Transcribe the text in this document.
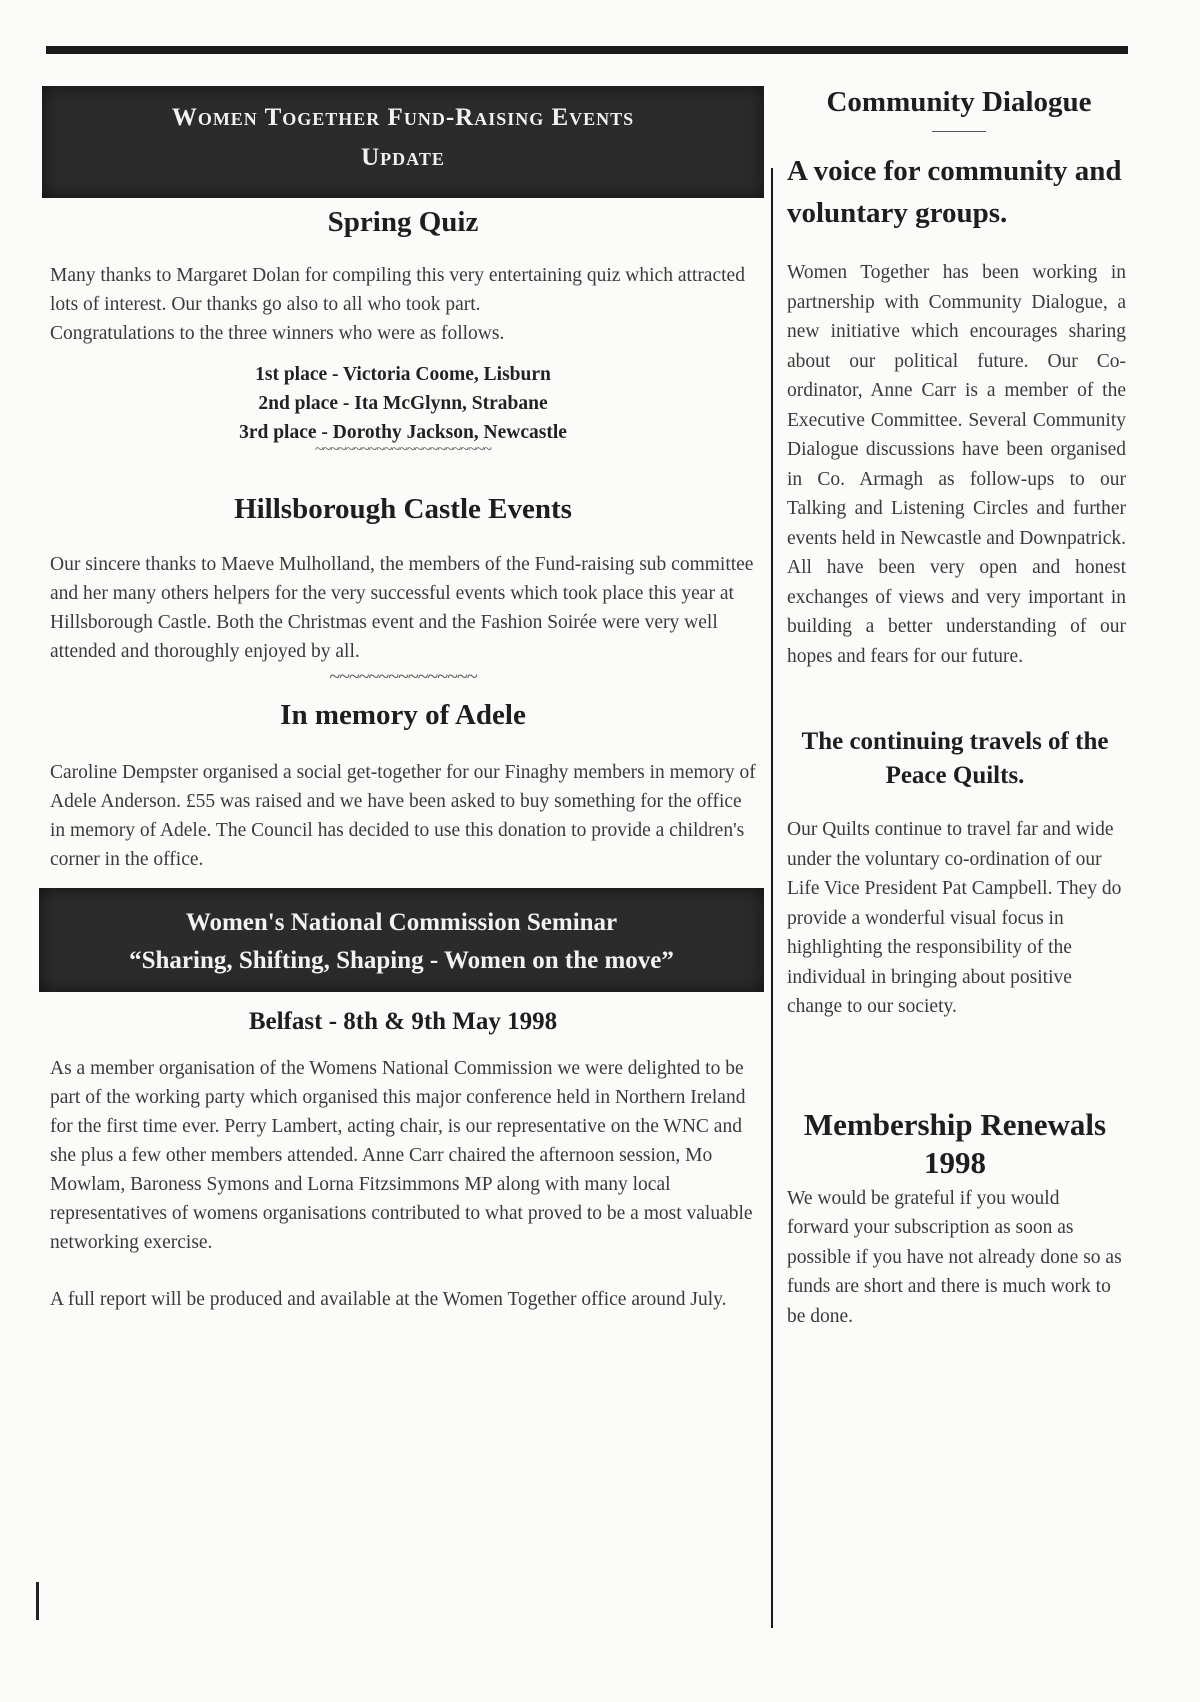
Women Together Fund-Raising Events
Update
Spring Quiz

Many thanks to Margaret Dolan for compiling this very entertaining quiz which attracted lots of interest. Our thanks go also to all who took part.

Congratulations to the three winners who were as follows.

1st place - Victoria Coome, Lisburn
2nd place - Ita McGlynn, Strabane
3rd place - Dorothy Jackson, Newcastle
~~~~~~~~~~~~~~~~~~~~~~~
Hillsborough Castle Events

Our sincere thanks to Maeve Mulholland, the members of the Fund-raising sub committee and her many others helpers for the very successful events which took place this year at Hillsborough Castle. Both the Christmas event and the Fashion Soirée were very well attended and thoroughly enjoyed by all.

~~~~~~~~~~~~~~~
In memory of Adele

Caroline Dempster organised a social get-together for our Finaghy members in memory of Adele Anderson. £55 was raised and we have been asked to buy something for the office in memory of Adele. The Council has decided to use this donation to provide a children's corner in the office.

Women's National Commission Seminar
“Sharing, Shifting, Shaping - Women on the move”
Belfast - 8th & 9th May 1998

As a member organisation of the Womens National Commission we were delighted to be part of the working party which organised this major conference held in Northern Ireland for the first time ever. Perry Lambert, acting chair, is our representative on the WNC and she plus a few other members attended. Anne Carr chaired the afternoon session, Mo Mowlam, Baroness Symons and Lorna Fitzsimmons MP along with many local representatives of womens organisations contributed to what proved to be a most valuable networking exercise.

A full report will be produced and available at the Women Together office around July.

Community Dialogue
A voice for community and voluntary groups.

Women Together has been working in partnership with Community Dialogue, a new initiative which encourages sharing about our political future. Our Co-ordinator, Anne Carr is a member of the Executive Committee. Several Community Dialogue discussions have been organised in Co. Armagh as follow-ups to our Talking and Listening Circles and further events held in Newcastle and Downpatrick. All have been very open and honest exchanges of views and very important in building a better understanding of our hopes and fears for our future.

The continuing travels of the Peace Quilts.

Our Quilts continue to travel far and wide under the voluntary co-ordination of our Life Vice President Pat Campbell. They do provide a wonderful visual focus in highlighting the responsibility of the individual in bringing about positive change to our society.

Membership Renewals
1998

We would be grateful if you would forward your subscription as soon as possible if you have not already done so as funds are short and there is much work to be done.
